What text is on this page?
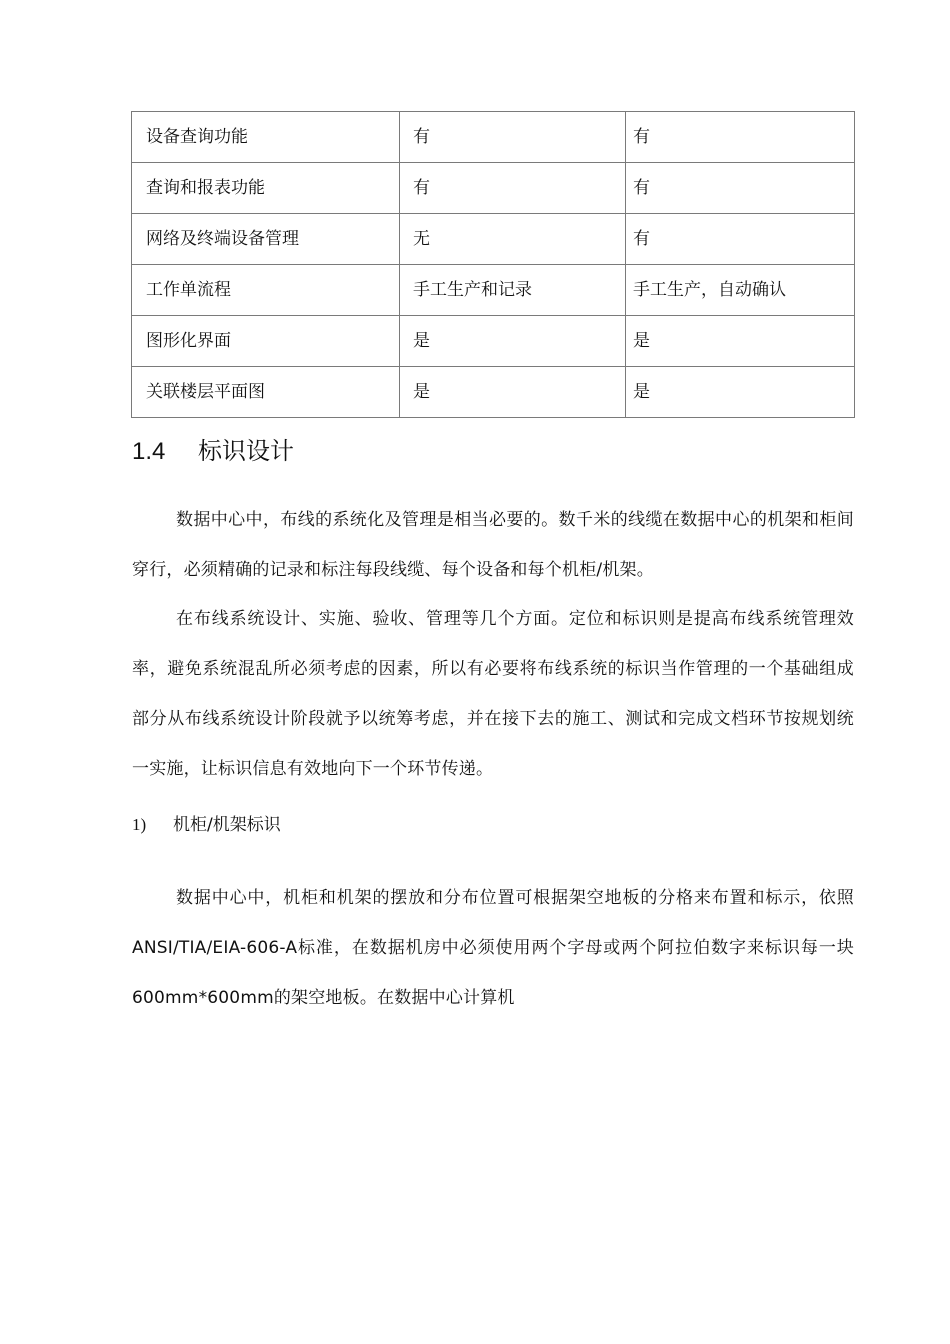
设备查询功能	有	有
查询和报表功能	有	有
网络及终端设备管理	无	有
工作单流程	手工生产和记录	手工生产，自动确认
图形化界面	是	是
关联楼层平面图	是	是
1.4 标识设计

数据中心中，布线的系统化及管理是相当必要的。数千米的线缆在数据中心的机架和柜间穿行，必须精确的记录和标注每段线缆、每个设备和每个机柜/机架。

在布线系统设计、实施、验收、管理等几个方面。定位和标识则是提高布线系统管理效率，避免系统混乱所必须考虑的因素，所以有必要将布线系统的标识当作管理的一个基础组成部分从布线系统设计阶段就予以统筹考虑，并在接下去的施工、测试和完成文档环节按规划统一实施，让标识信息有效地向下一个环节传递。

1) 机柜/机架标识

数据中心中，机柜和机架的摆放和分布位置可根据架空地板的分格来布置和标示，依照ANSI/TIA/EIA-606-A标准，在数据机房中必须使用两个字母或两个阿拉伯数字来标识每一块600mm*600mm的架空地板。在数据中心计算机
